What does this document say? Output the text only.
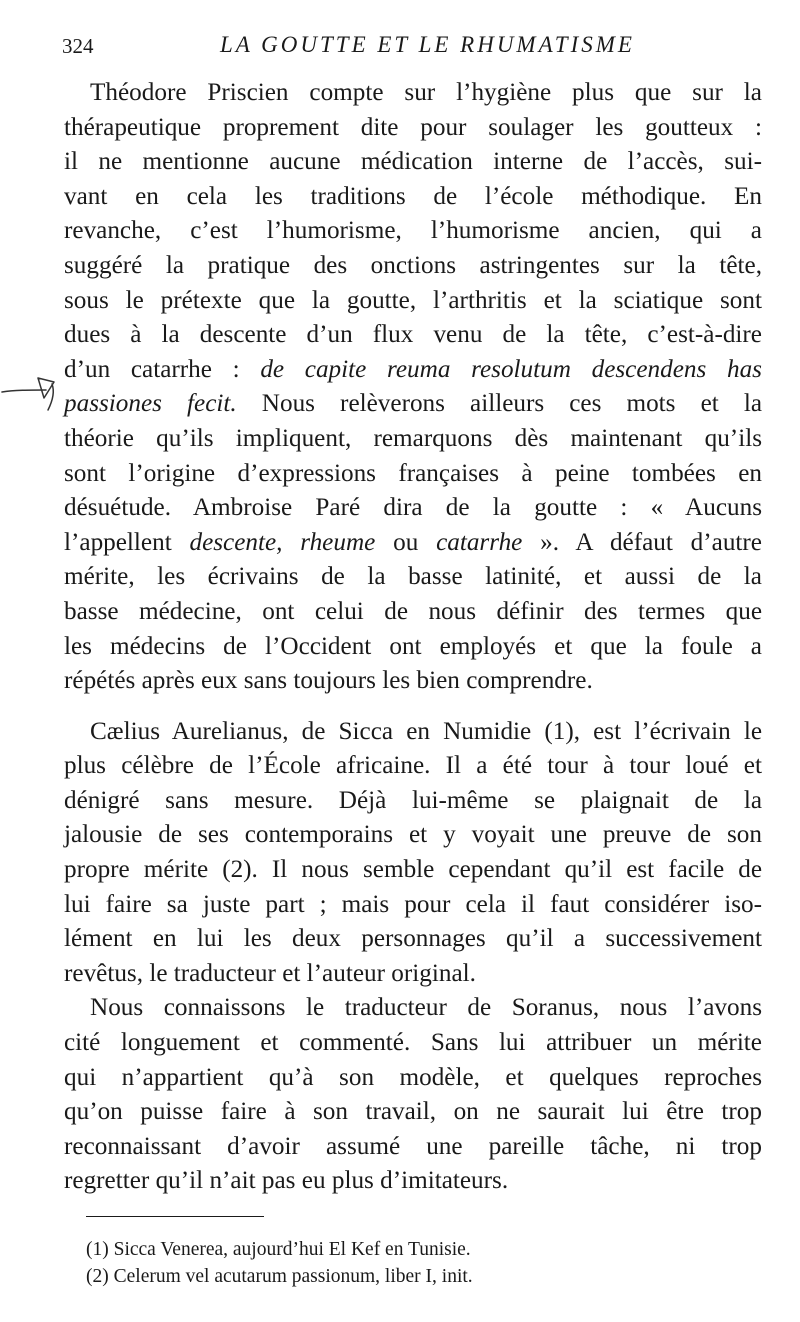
324	LA GOUTTE ET LE RHUMATISME
Théodore Priscien compte sur l’hygiène plus que sur la
thérapeutique proprement dite pour soulager les goutteux :
il ne mentionne aucune médication interne de l’accès, sui-
vant en cela les traditions de l’école méthodique. En
revanche, c’est l’humorisme, l’humorisme ancien, qui a
suggéré la pratique des onctions astringentes sur la tête,
sous le prétexte que la goutte, l’arthritis et la sciatique sont
dues à la descente d’un flux venu de la tête, c’est-à-dire
d’un catarrhe : de capite reuma resolutum descendens has
passiones fecit. Nous relèverons ailleurs ces mots et la
théorie qu’ils impliquent, remarquons dès maintenant qu’ils
sont l’origine d’expressions françaises à peine tombées en
désuétude. Ambroise Paré dira de la goutte : « Aucuns
l’appellent descente, rheume ou catarrhe ». A défaut d’autre
mérite, les écrivains de la basse latinité, et aussi de la
basse médecine, ont celui de nous définir des termes que
les médecins de l’Occident ont employés et que la foule a
répétés après eux sans toujours les bien comprendre.
Cælius Aurelianus, de Sicca en Numidie (1), est l’écrivain le
plus célèbre de l’École africaine. Il a été tour à tour loué et
dénigré sans mesure. Déjà lui-même se plaignait de la
jalousie de ses contemporains et y voyait une preuve de son
propre mérite (2). Il nous semble cependant qu’il est facile de
lui faire sa juste part ; mais pour cela il faut considérer iso-
lément en lui les deux personnages qu’il a successivement
revêtus, le traducteur et l’auteur original.
Nous connaissons le traducteur de Soranus, nous l’avons
cité longuement et commenté. Sans lui attribuer un mérite
qui n’appartient qu’à son modèle, et quelques reproches
qu’on puisse faire à son travail, on ne saurait lui être trop
reconnaissant d’avoir assumé une pareille tâche, ni trop
regretter qu’il n’ait pas eu plus d’imitateurs.
(1) Sicca Venerea, aujourd’hui El Kef en Tunisie.
(2) Celerum vel acutarum passionum, liber I, init.
